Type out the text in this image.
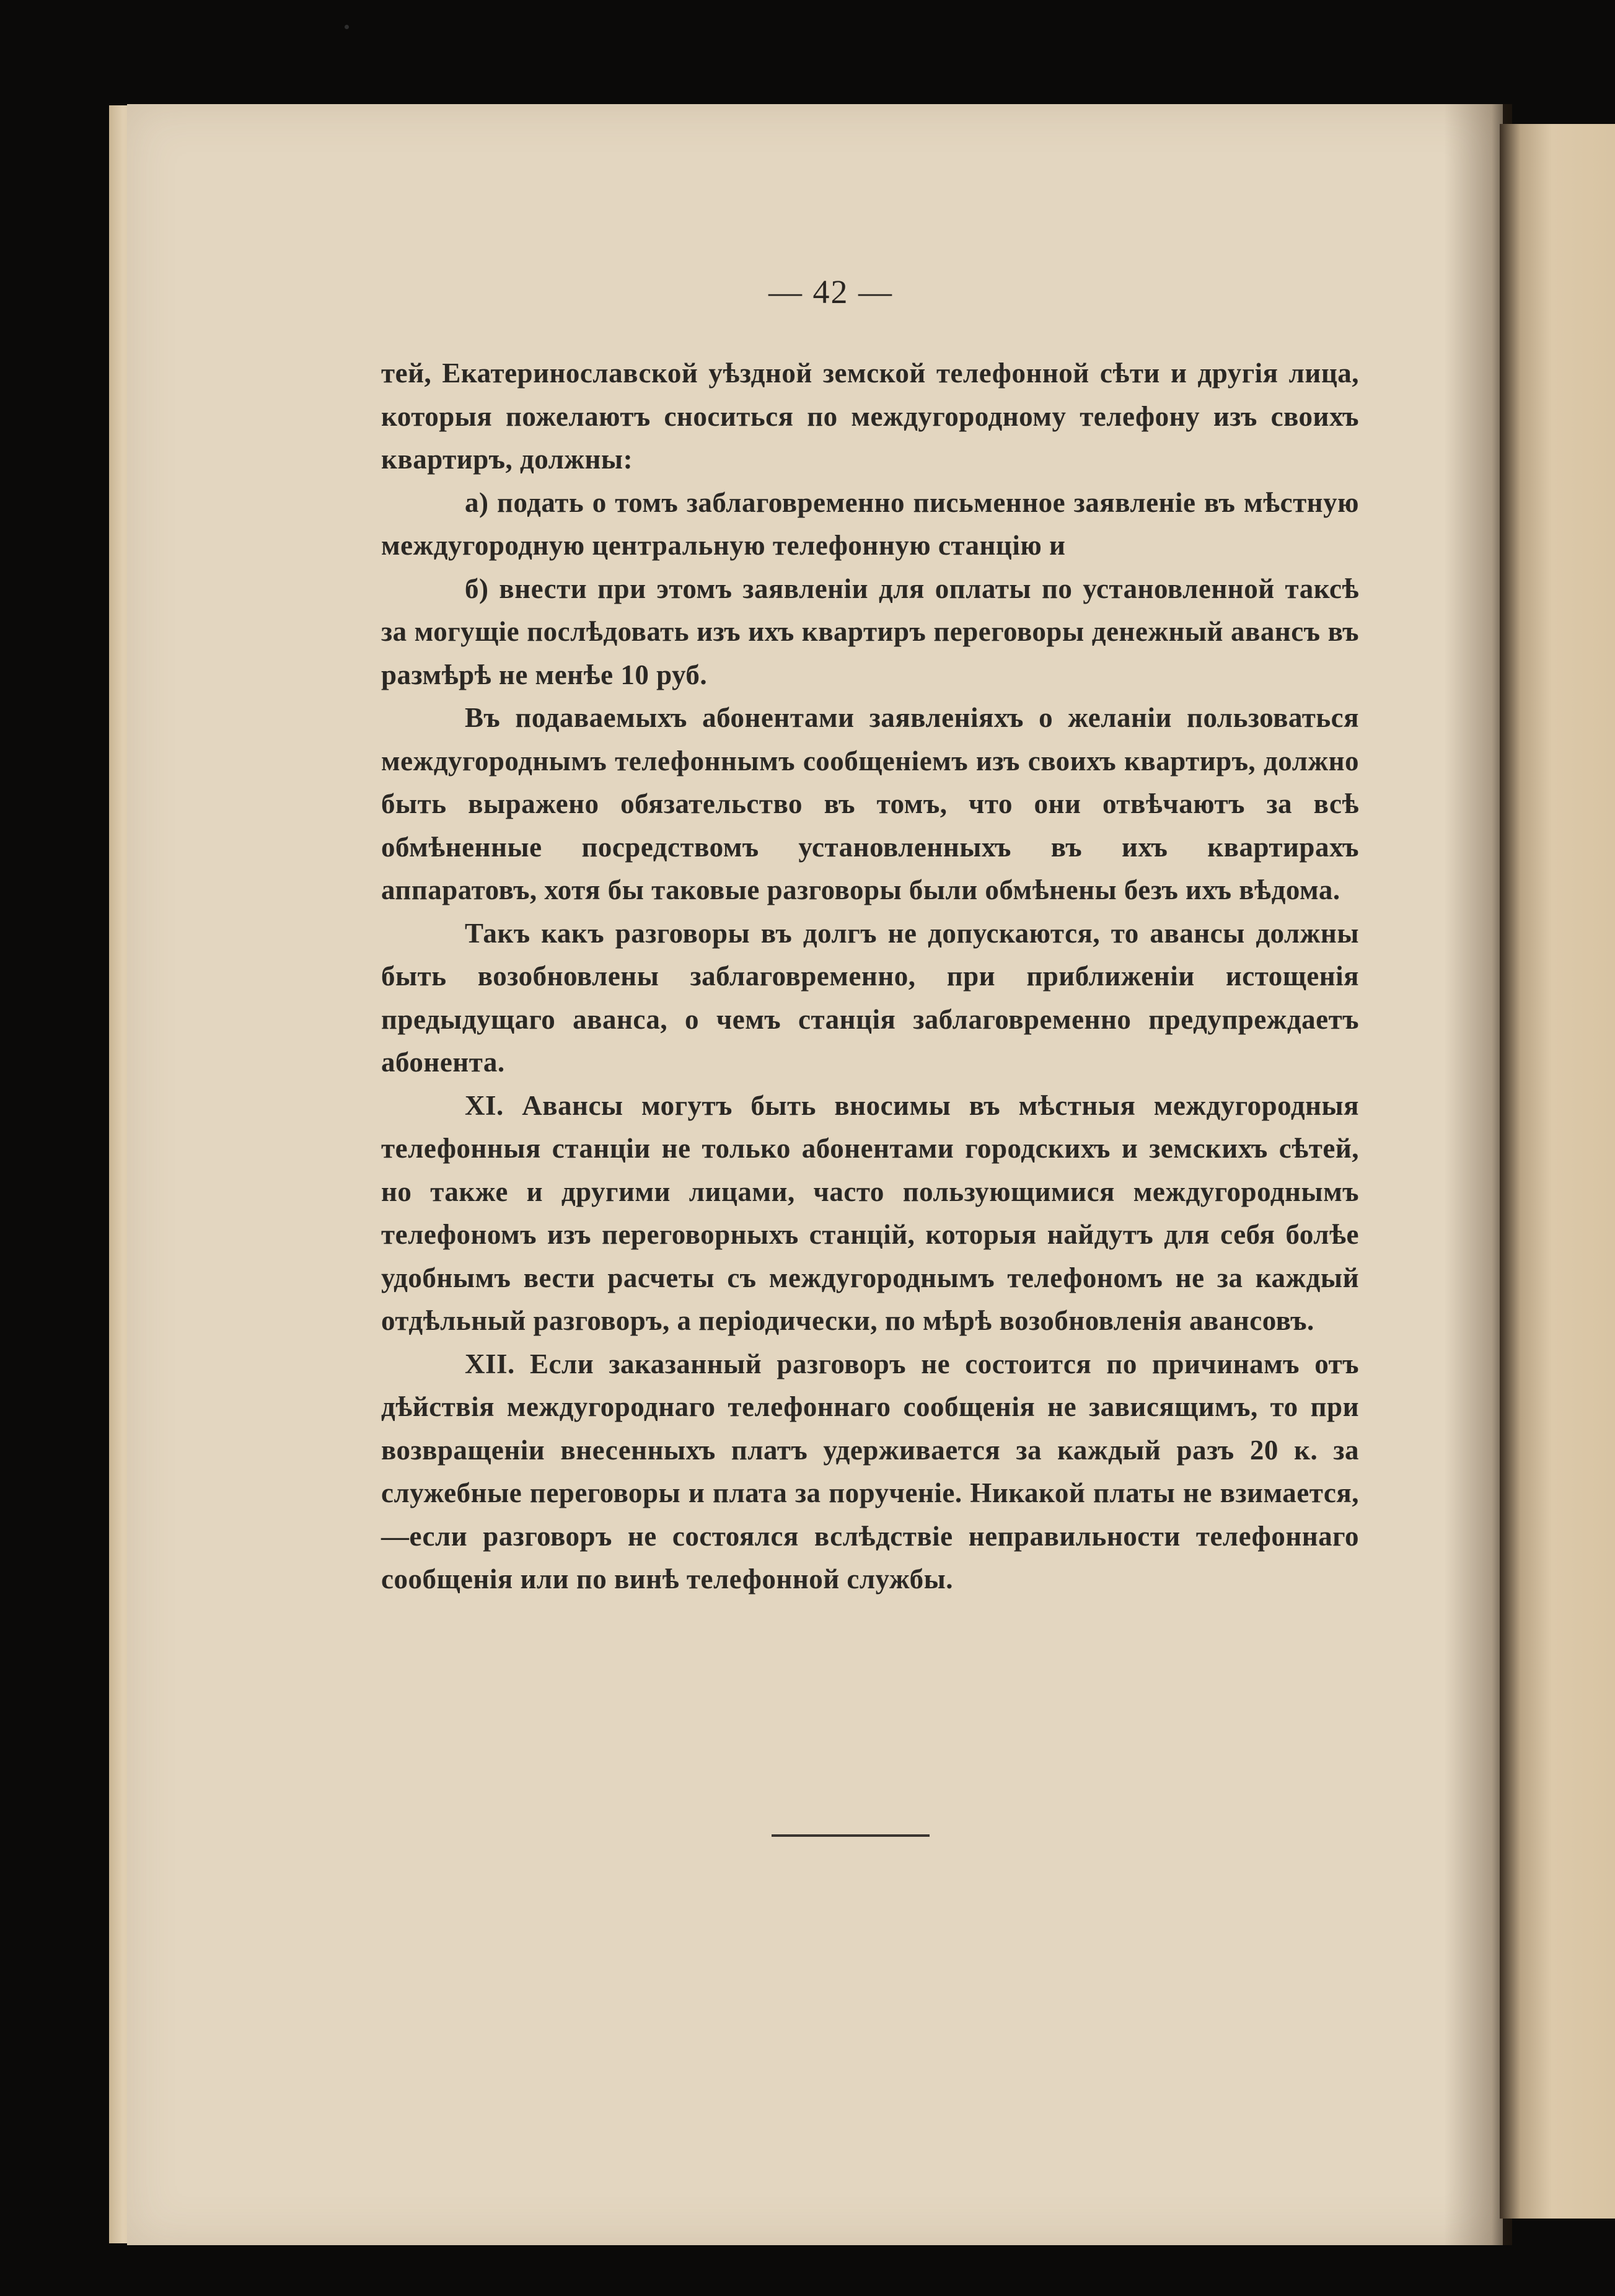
— 42 —

тей, Екатеринославской уѣздной земской телефонной сѣти и другія лица, которыя пожелаютъ сноситься по междугородному телефону изъ своихъ квартиръ, должны:

а) подать о томъ заблаговременно письменное заявленіе въ мѣстную междугородную центральную телефонную станцію и

б) внести при этомъ заявленіи для оплаты по установленной таксѣ за могущіе послѣдовать изъ ихъ квартиръ переговоры денежный авансъ въ размѣрѣ не менѣе 10 руб.

Въ подаваемыхъ абонентами заявленіяхъ о желаніи пользоваться междугороднымъ телефоннымъ сообщеніемъ изъ своихъ квартиръ, должно быть выражено обязательство въ томъ, что они отвѣчаютъ за всѣ обмѣненные посредствомъ установленныхъ въ ихъ квартирахъ аппаратовъ, хотя бы таковые разговоры были обмѣнены безъ ихъ вѣдома.

Такъ какъ разговоры въ долгъ не допускаются, то авансы должны быть возобновлены заблаговременно, при приближеніи истощенія предыдущаго аванса, о чемъ станція заблаговременно предупреждаетъ абонента.

XI. Авансы могутъ быть вносимы въ мѣстныя междугородныя телефонныя станціи не только абонентами городскихъ и земскихъ сѣтей, но также и другими лицами, часто пользующимися междугороднымъ телефономъ изъ переговорныхъ станцій, которыя найдутъ для себя болѣе удобнымъ вести расчеты съ междугороднымъ телефономъ не за каждый отдѣльный разговоръ, а періодически, по мѣрѣ возобновленія авансовъ.

XII. Если заказанный разговоръ не состоится по причинамъ отъ дѣйствія междугороднаго телефоннаго сообщенія не зависящимъ, то при возвращеніи внесенныхъ платъ удерживается за каждый разъ 20 к. за служебные переговоры и плата за порученіе. Никакой платы не взимается,—если разговоръ не состоялся вслѣдствіе неправильности телефоннаго сообщенія или по винѣ телефонной службы.
